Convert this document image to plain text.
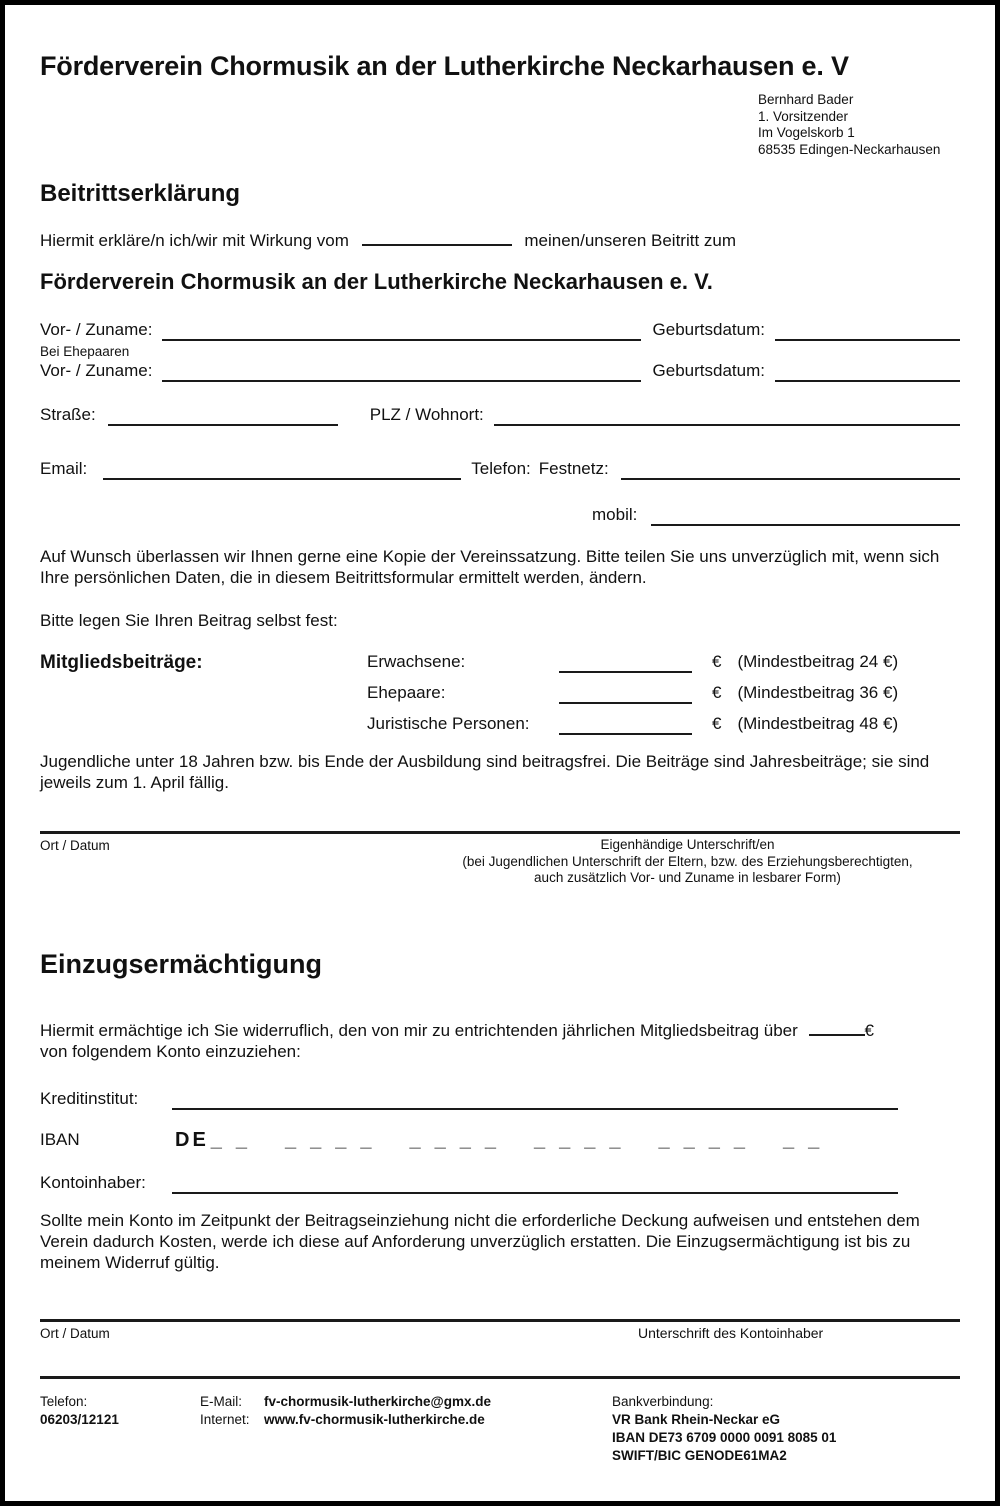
Förderverein Chormusik an der Lutherkirche Neckarhausen e. V
Bernhard Bader
1. Vorsitzender
Im Vogelskorb 1
68535 Edingen-Neckarhausen
Beitrittserklärung
Hiermit erkläre/n ich/wir mit Wirkung vom	meinen/unseren Beitritt zum
Förderverein Chormusik an der Lutherkirche Neckarhausen e. V.
Vor- / Zuname:	Geburtsdatum:
Bei Ehepaaren
Vor- / Zuname:	Geburtsdatum:
Straße:	PLZ / Wohnort:
Email:	Telefon: Festnetz:
mobil:
Auf Wunsch überlassen wir Ihnen gerne eine Kopie der Vereinssatzung. Bitte teilen Sie uns unverzüglich mit, wenn sich Ihre persönlichen Daten, die in diesem Beitrittsformular ermittelt werden, ändern.
Bitte legen Sie Ihren Beitrag selbst fest:
Mitgliedsbeiträge:	Erwachsene:	€ (Mindestbeitrag 24 €)
Ehepaare:	€ (Mindestbeitrag 36 €)
Juristische Personen:	€ (Mindestbeitrag 48 €)
Jugendliche unter 18 Jahren bzw. bis Ende der Ausbildung sind beitragsfrei. Die Beiträge sind Jahresbeiträge; sie sind jeweils zum 1. April fällig.
Ort / Datum	Eigenhändige Unterschrift/en
(bei Jugendlichen Unterschrift der Eltern, bzw. des Erziehungsberechtigten,
auch zusätzlich Vor- und Zuname in lesbarer Form)
Einzugsermächtigung
Hiermit ermächtige ich Sie widerruflich, den von mir zu entrichtenden jährlichen Mitgliedsbeitrag über	€
von folgendem Konto einzuziehen:
Kreditinstitut:
IBAN	DE __ ____ ____ ____ ____ __
Kontoinhaber:
Sollte mein Konto im Zeitpunkt der Beitragseinziehung nicht die erforderliche Deckung aufweisen und entstehen dem Verein dadurch Kosten, werde ich diese auf Anforderung unverzüglich erstatten. Die Einzugsermächtigung ist bis zu meinem Widerruf gültig.
Ort / Datum	Unterschrift des Kontoinhaber
Telefon:
06203/12121
E-Mail:	fv-chormusik-lutherkirche@gmx.de
Internet:	www.fv-chormusik-lutherkirche.de
Bankverbindung:
VR Bank Rhein-Neckar eG
IBAN DE73 6709 0000 0091 8085 01
SWIFT/BIC GENODE61MA2
